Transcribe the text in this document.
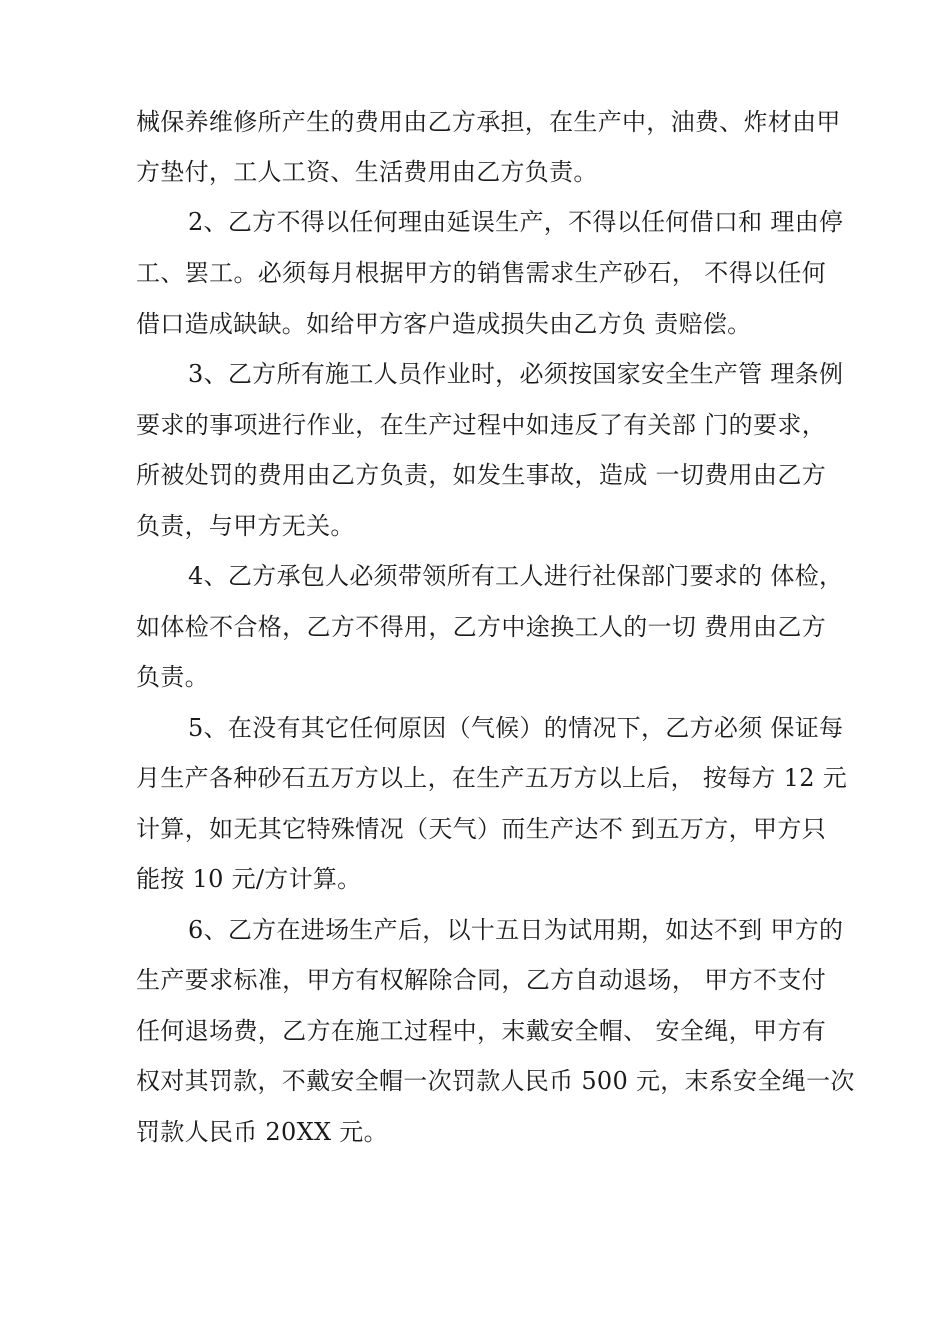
械保养维修所产生的费用由乙方承担，在生产中，油费、炸材由甲
方垫付，工人工资、生活费用由乙方负责。
2、乙方不得以任何理由延误生产，不得以任何借口和 理由停
工、罢工。必须每月根据甲方的销售需求生产砂石， 不得以任何
借口造成缺缺。如给甲方客户造成损失由乙方负 责赔偿。
3、乙方所有施工人员作业时，必须按国家安全生产管 理条例
要求的事项进行作业，在生产过程中如违反了有关部 门的要求，
所被处罚的费用由乙方负责，如发生事故，造成 一切费用由乙方
负责，与甲方无关。
4、乙方承包人必须带领所有工人进行社保部门要求的 体检，
如体检不合格，乙方不得用，乙方中途换工人的一切 费用由乙方
负责。
5、在没有其它任何原因（气候）的情况下，乙方必须 保证每
月生产各种砂石五万方以上，在生产五万方以上后， 按每方 12 元
计算，如无其它特殊情况（天气）而生产达不 到五万方，甲方只
能按 10 元/方计算。
6、乙方在进场生产后，以十五日为试用期，如达不到 甲方的
生产要求标准，甲方有权解除合同，乙方自动退场， 甲方不支付
任何退场费，乙方在施工过程中，末戴安全帽、 安全绳，甲方有
权对其罚款，不戴安全帽一次罚款人民币 500 元，末系安全绳一次
罚款人民币 20XX 元。
